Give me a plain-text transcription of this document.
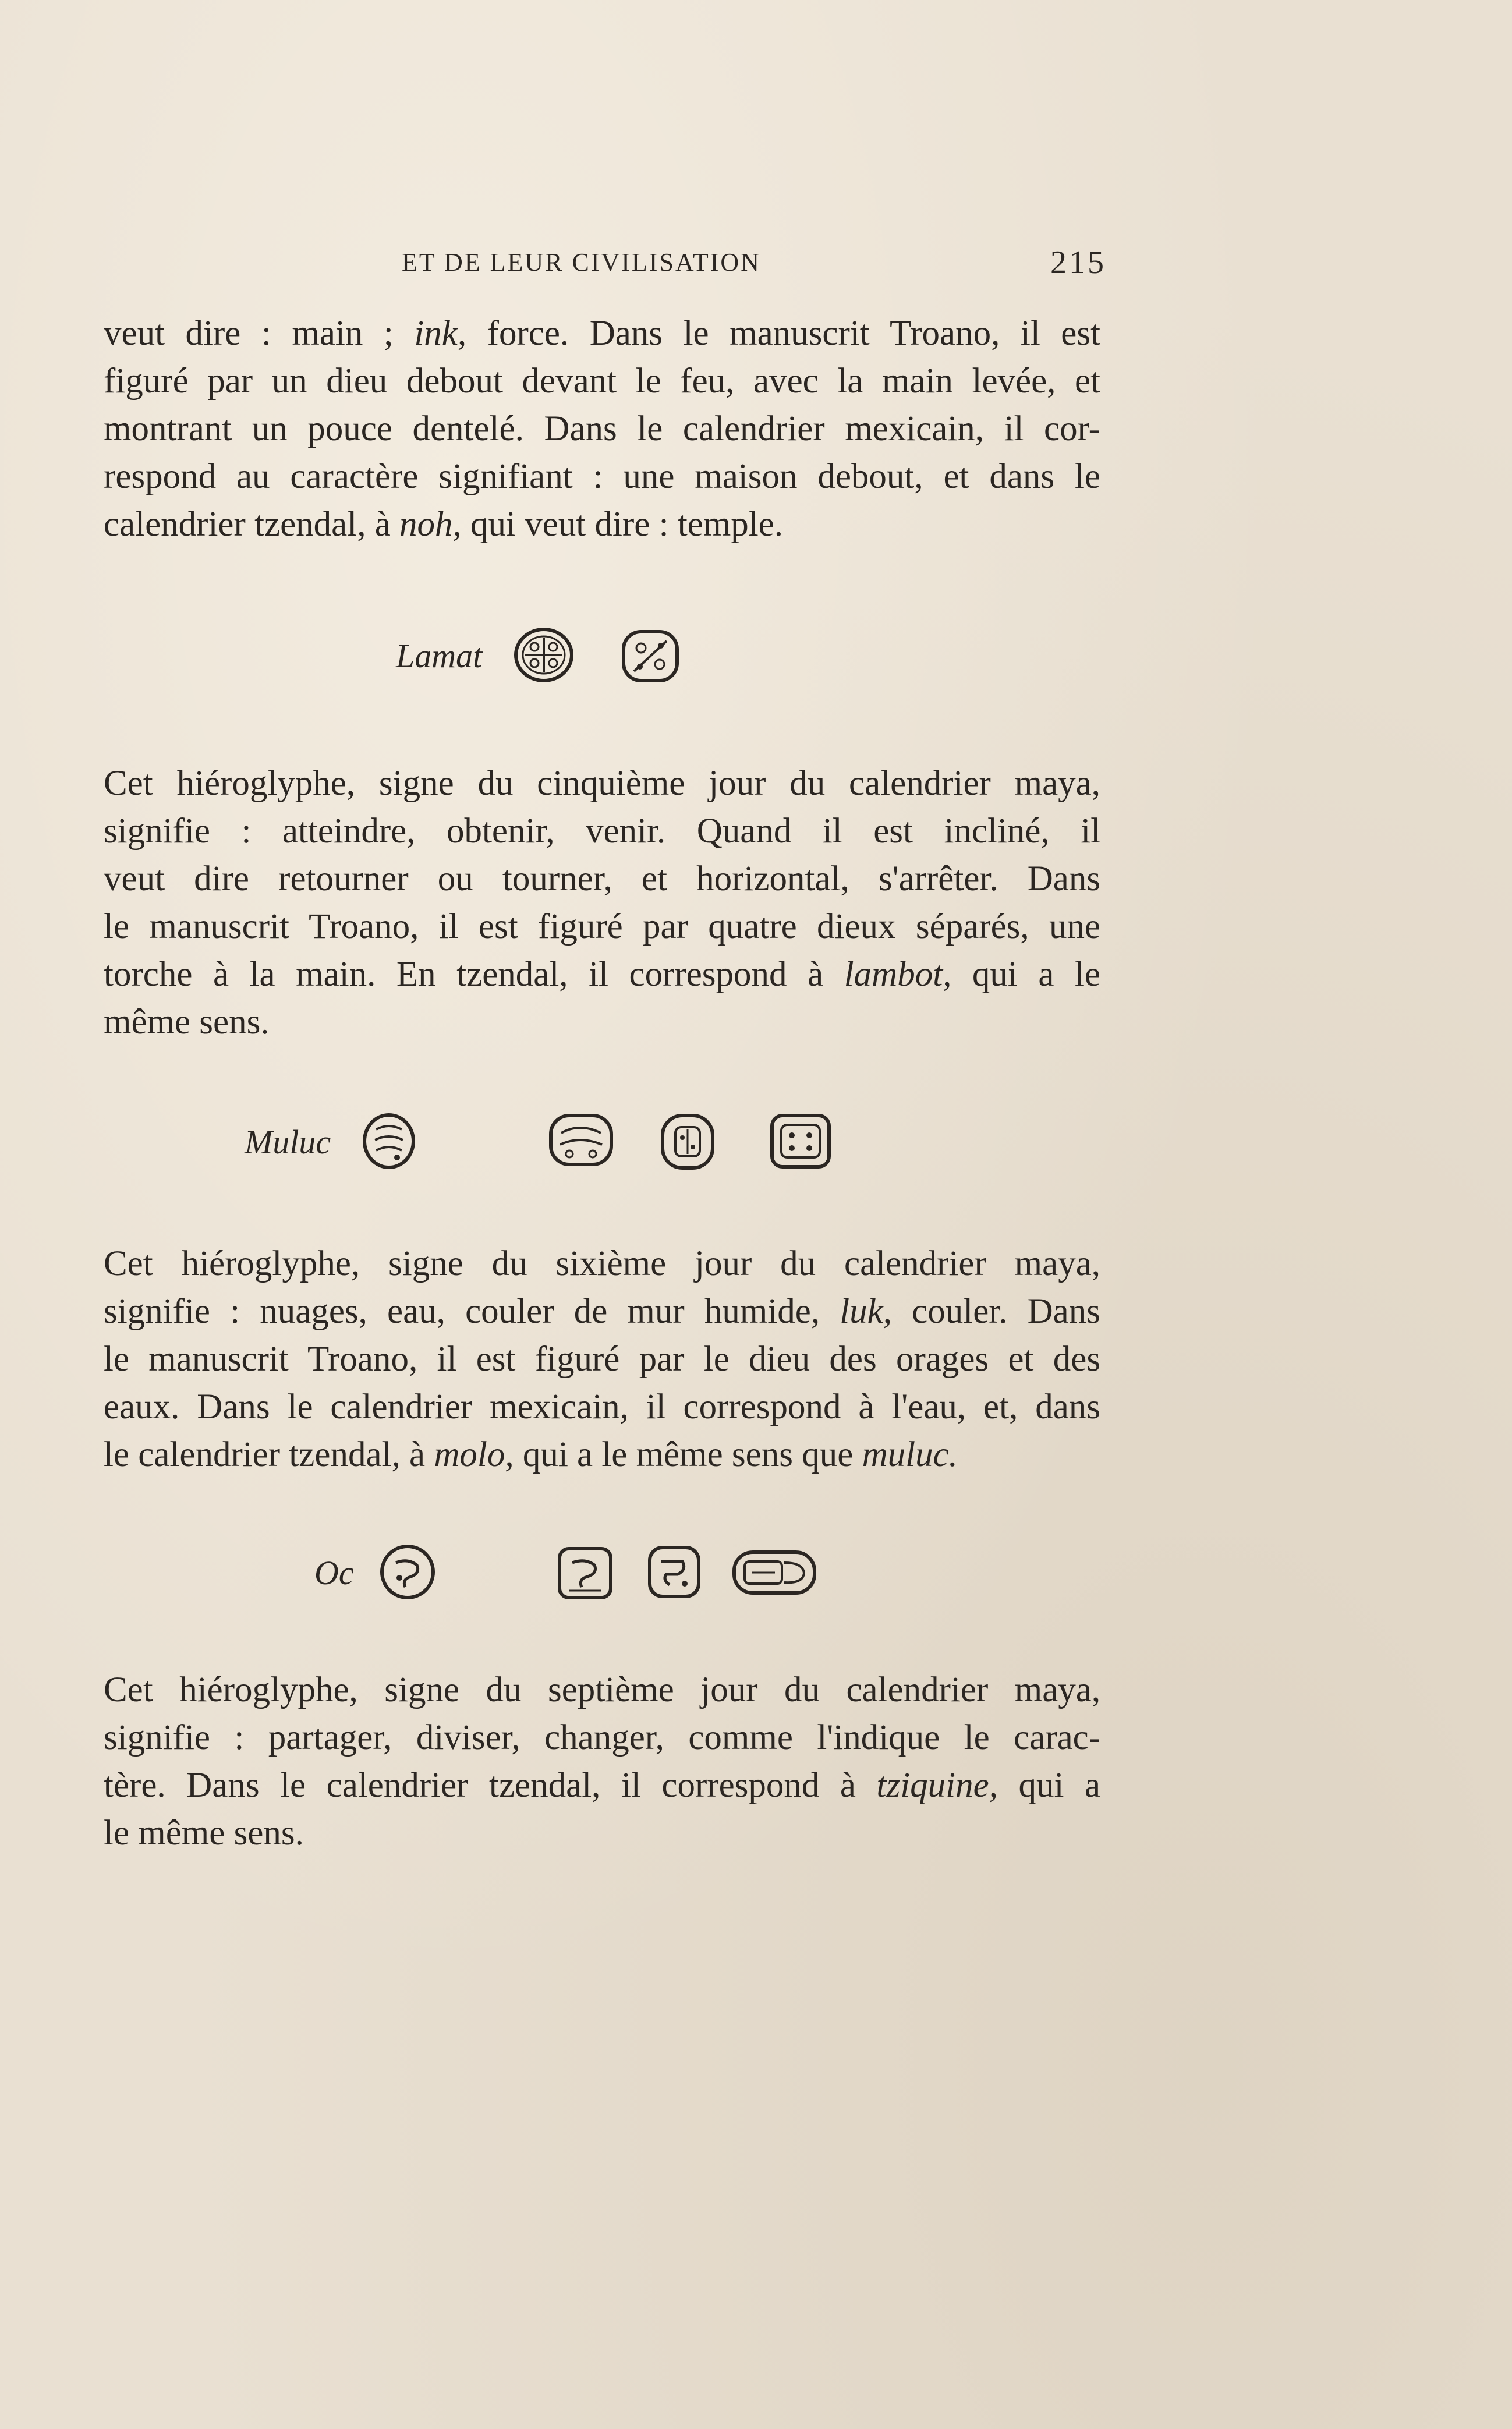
ET DE LEUR CIVILISATION	215

veut dire : main ; ink, force. Dans le manuscrit Troano, il est
figuré par un dieu debout devant le feu, avec la main levée, et
montrant un pouce dentelé. Dans le calendrier mexicain, il cor-
respond au caractère signifiant : une maison debout, et dans le
calendrier tzendal, à noh, qui veut dire : temple.

Lamat

Cet hiéroglyphe, signe du cinquième jour du calendrier maya,
signifie : atteindre, obtenir, venir. Quand il est incliné, il
veut dire retourner ou tourner, et horizontal, s'arrêter. Dans
le manuscrit Troano, il est figuré par quatre dieux séparés, une
torche à la main. En tzendal, il correspond à lambot, qui a le
même sens.

Muluc

Cet hiéroglyphe, signe du sixième jour du calendrier maya,
signifie : nuages, eau, couler de mur humide, luk, couler. Dans
le manuscrit Troano, il est figuré par le dieu des orages et des
eaux. Dans le calendrier mexicain, il correspond à l'eau, et, dans
le calendrier tzendal, à molo, qui a le même sens que muluc.

Oc

Cet hiéroglyphe, signe du septième jour du calendrier maya,
signifie : partager, diviser, changer, comme l'indique le carac-
tère. Dans le calendrier tzendal, il correspond à tziquine, qui a
le même sens.
